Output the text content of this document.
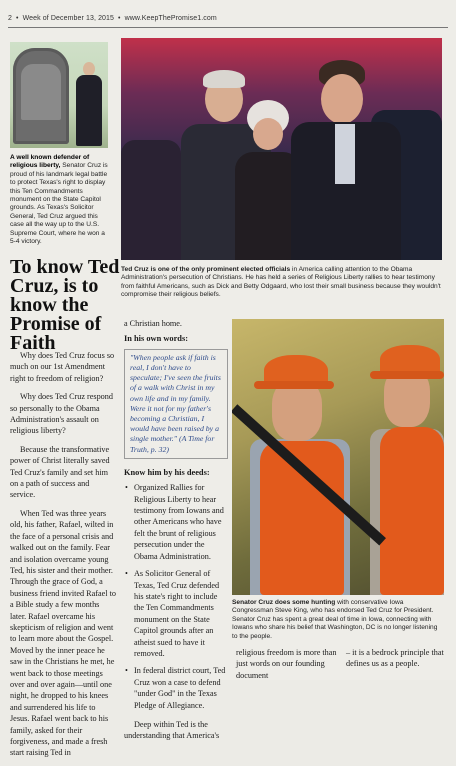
2 • Week of December 13, 2015 • www.KeepThePromise1.com
A well known defender of religious liberty, Senator Cruz is proud of his landmark legal battle to protect Texas's right to display this Ten Commandments monument on the State Capitol grounds. As Texas's Solicitor General, Ted Cruz argued this case all the way up to the U.S. Supreme Court, where he won a 5-4 victory.
Ted Cruz is one of the only prominent elected officials in America calling attention to the Obama Administration's persecution of Christians. He has held a series of Religious Liberty rallies to hear testimony from faithful Americans, such as Dick and Betty Odgaard, who lost their small business because they wouldn't compromise their religious beliefs.
To know Ted Cruz, is to know the Promise of Faith

Why does Ted Cruz focus so much on our 1st Amendment right to freedom of religion?

Why does Ted Cruz respond so personally to the Obama Administration's assault on religious liberty?

Because the transformative power of Christ literally saved Ted Cruz's family and set him on a path of success and service.

When Ted was three years old, his father, Rafael, wilted in the face of a personal crisis and walked out on the family. Fear and isolation overcame young Ted, his sister and their mother. Through the grace of God, a business friend invited Rafael to a Bible study a few months later. Rafael overcame his skepticism of religion and went to learn more about the Gospel. Moved by the inner peace he saw in the Christians he met, he went back to those meetings over and over again—until one night, he dropped to his knees and surrendered his life to Jesus. Rafael went back to his family, asked for their forgiveness, and made a fresh start raising Ted in

a Christian home.

In his own words:
"When people ask if faith is real, I don't have to speculate; I've seen the fruits of a walk with Christ in my own life and in my family. Were it not for my father's becoming a Christian, I would have been raised by a single mother." (A Time for Truth, p. 32)
Know him by his deeds:
• Organized Rallies for Religious Liberty to hear testimony from Iowans and other Americans who have felt the brunt of religious persecution under the Obama Administration.
• As Solicitor General of Texas, Ted Cruz defended his state's right to include the Ten Commandments monument on the State Capitol grounds after an atheist sued to have it removed.
• In federal district court, Ted Cruz won a case to defend "under God" in the Texas Pledge of Allegiance.

Deep within Ted is the understanding that America's

Senator Cruz does some hunting with conservative Iowa Congressman Steve King, who has endorsed Ted Cruz for President. Senator Cruz has spent a great deal of time in Iowa, connecting with Iowans who share his belief that Washington, DC is no longer listening to the people.
religious freedom is more than just words on our founding document
– it is a bedrock principle that defines us as a people.
